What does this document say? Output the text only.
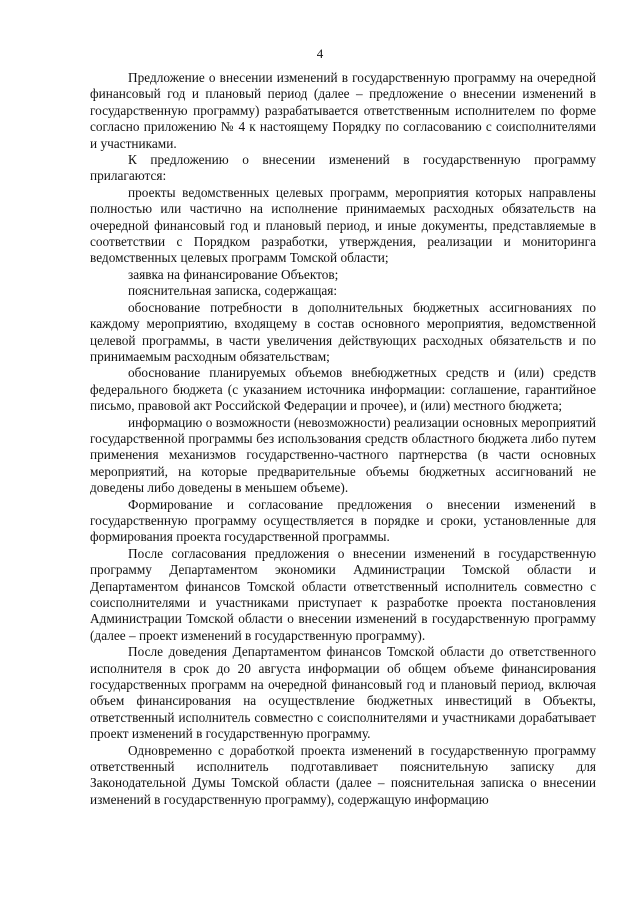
4

Предложение о внесении изменений в государственную программу на очередной финансовый год и плановый период (далее – предложение о внесении изменений в государственную программу) разрабатывается ответственным исполнителем по форме согласно приложению № 4 к настоящему Порядку по согласованию с соисполнителями и участниками.

К предложению о внесении изменений в государственную программу прилагаются:

проекты ведомственных целевых программ, мероприятия которых направлены полностью или частично на исполнение принимаемых расходных обязательств на очередной финансовый год и плановый период, и иные документы, представляемые в соответствии с Порядком разработки, утверждения, реализации и мониторинга ведомственных целевых программ Томской области;

заявка на финансирование Объектов;

пояснительная записка, содержащая:

обоснование потребности в дополнительных бюджетных ассигнованиях по каждому мероприятию, входящему в состав основного мероприятия, ведомственной целевой программы, в части увеличения действующих расходных обязательств и по принимаемым расходным обязательствам;

обоснование планируемых объемов внебюджетных средств и (или) средств федерального бюджета (с указанием источника информации: соглашение, гарантийное письмо, правовой акт Российской Федерации и прочее), и (или) местного бюджета;

информацию о возможности (невозможности) реализации основных мероприятий государственной программы без использования средств областного бюджета либо путем применения механизмов государственно-частного партнерства (в части основных мероприятий, на которые предварительные объемы бюджетных ассигнований не доведены либо доведены в меньшем объеме).

Формирование и согласование предложения о внесении изменений в государственную программу осуществляется в порядке и сроки, установленные для формирования проекта государственной программы.

После согласования предложения о внесении изменений в государственную программу Департаментом экономики Администрации Томской области и Департаментом финансов Томской области ответственный исполнитель совместно с соисполнителями и участниками приступает к разработке проекта постановления Администрации Томской области о внесении изменений в государственную программу (далее – проект изменений в государственную программу).

После доведения Департаментом финансов Томской области до ответственного исполнителя в срок до 20 августа информации об общем объеме финансирования государственных программ на очередной финансовый год и плановый период, включая объем финансирования на осуществление бюджетных инвестиций в Объекты, ответственный исполнитель совместно с соисполнителями и участниками дорабатывает проект изменений в государственную программу.

Одновременно с доработкой проекта изменений в государственную программу ответственный исполнитель подготавливает пояснительную записку для Законодательной Думы Томской области (далее – пояснительная записка о внесении изменений в государственную программу), содержащую информацию
